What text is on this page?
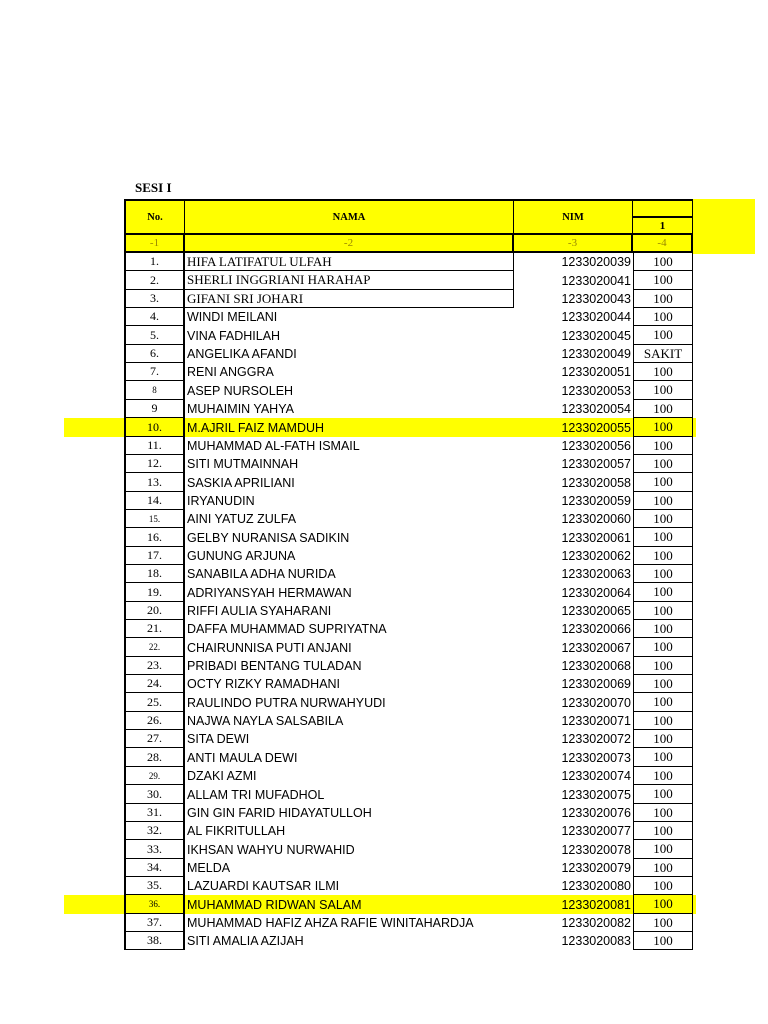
SESI I
No.	NAMA	NIM
1
-1	-2	-3	-4
1.	HIFA LATIFATUL ULFAH	1233020039	100
2.	SHERLI INGGRIANI HARAHAP	1233020041	100
3.	GIFANI SRI JOHARI	1233020043	100
4.	WINDI MEILANI	1233020044	100
5.	VINA FADHILAH	1233020045	100
6.	ANGELIKA AFANDI	1233020049 SAKIT
7.	RENI ANGGRA	1233020051	100
8	ASEP NURSOLEH	1233020053	100
9	MUHAIMIN YAHYA	1233020054	100
10.	M.AJRIL FAIZ MAMDUH	1233020055	100
11.	MUHAMMAD AL-FATH ISMAIL	1233020056	100
12.	SITI MUTMAINNAH	1233020057	100
13.	SASKIA APRILIANI	1233020058	100
14.	IRYANUDIN	1233020059	100
15.	AINI YATUZ ZULFA	1233020060	100
16.	GELBY NURANISA SADIKIN	1233020061	100
17.	GUNUNG ARJUNA	1233020062	100
18.	SANABILA ADHA NURIDA	1233020063	100
19.	ADRIYANSYAH HERMAWAN	1233020064	100
20.	RIFFI AULIA SYAHARANI	1233020065	100
21.	DAFFA MUHAMMAD SUPRIYATNA	1233020066	100
22.	CHAIRUNNISA PUTI ANJANI	1233020067	100
23.	PRIBADI BENTANG TULADAN	1233020068	100
24.	OCTY RIZKY RAMADHANI	1233020069	100
25.	RAULINDO PUTRA NURWAHYUDI	1233020070	100
26.	NAJWA NAYLA SALSABILA	1233020071	100
27.	SITA DEWI	1233020072	100
28.	ANTI MAULA DEWI	1233020073	100
29.	DZAKI AZMI	1233020074	100
30.	ALLAM TRI MUFADHOL	1233020075	100
31.	GIN GIN FARID HIDAYATULLOH	1233020076	100
32.	AL FIKRITULLAH	1233020077	100
33.	IKHSAN WAHYU NURWAHID	1233020078	100
34.	MELDA	1233020079	100
35.	LAZUARDI KAUTSAR ILMI	1233020080	100
36.	MUHAMMAD RIDWAN SALAM	1233020081	100
37.	MUHAMMAD HAFIZ AHZA RAFIE WINITAHARDJA	1233020082	100
38.	SITI AMALIA AZIJAH	1233020083	100
